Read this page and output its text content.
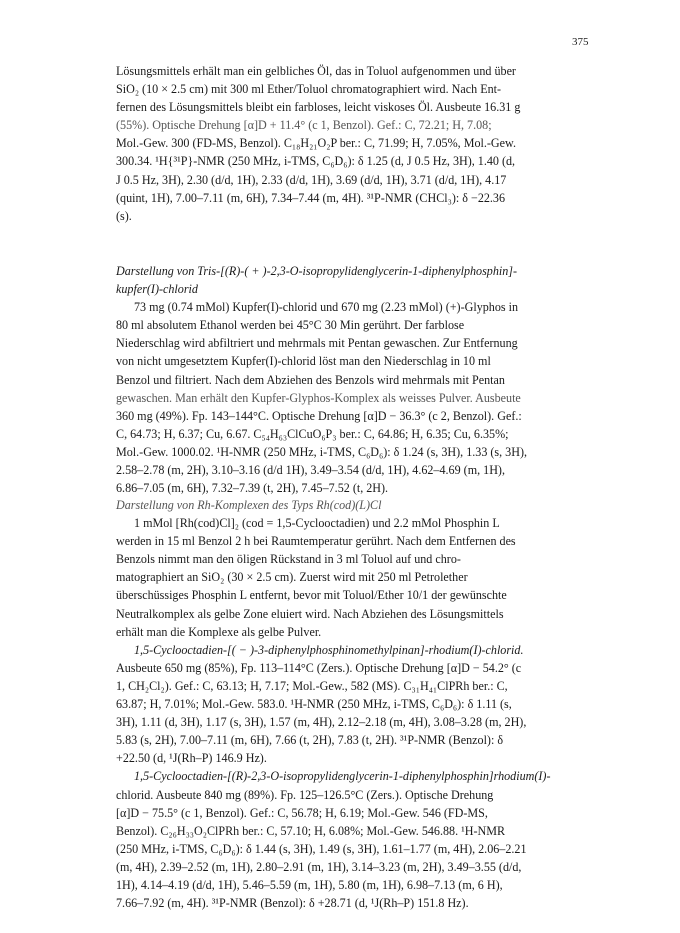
375
Lösungsmittels erhält man ein gelbliches Öl, das in Toluol aufgenommen und über
SiO₂ (10 × 2.5 cm) mit 300 ml Ether/Toluol chromatographiert wird. Nach Ent-
fernen des Lösungsmittels bleibt ein farbloses, leicht viskoses Öl. Ausbeute 16.31 g
(55%). Optische Drehung [α]D + 11.4° (c 1, Benzol). Gef.: C, 72.21; H, 7.08;
Mol.-Gew. 300 (FD-MS, Benzol). C₁₈H₂₁O₂P ber.: C, 71.99; H, 7.05%, Mol.-Gew.
300.34. ¹H{³¹P}-NMR (250 MHz, i-TMS, C₆D₆): δ 1.25 (d, J 0.5 Hz, 3H), 1.40 (d,
J 0.5 Hz, 3H), 2.30 (d/d, 1H), 2.33 (d/d, 1H), 3.69 (d/d, 1H), 3.71 (d/d, 1H), 4.17
(quint, 1H), 7.00–7.11 (m, 6H), 7.34–7.44 (m, 4H). ³¹P-NMR (CHCl₃): δ −22.36
(s).
Darstellung von Tris-[(R)-( + )-2,3-O-isopropylidenglycerin-1-diphenylphosphin]-
kupfer(I)-chlorid
73 mg (0.74 mMol) Kupfer(I)-chlorid und 670 mg (2.23 mMol) (+)-Glyphos in
80 ml absolutem Ethanol werden bei 45°C 30 Min gerührt. Der farblose
Niederschlag wird abfiltriert und mehrmals mit Pentan gewaschen. Zur Entfernung
von nicht umgesetztem Kupfer(I)-chlorid löst man den Niederschlag in 10 ml
Benzol und filtriert. Nach dem Abziehen des Benzols wird mehrmals mit Pentan
gewaschen. Man erhält den Kupfer-Glyphos-Komplex als weisses Pulver. Ausbeute
360 mg (49%). Fp. 143–144°C. Optische Drehung [α]D − 36.3° (c 2, Benzol). Gef.:
C, 64.73; H, 6.37; Cu, 6.67. C₅₄H₆₃ClCuO₆P₃ ber.: C, 64.86; H, 6.35; Cu, 6.35%;
Mol.-Gew. 1000.02. ¹H-NMR (250 MHz, i-TMS, C₆D₆): δ 1.24 (s, 3H), 1.33 (s, 3H),
2.58–2.78 (m, 2H), 3.10–3.16 (d/d 1H), 3.49–3.54 (d/d, 1H), 4.62–4.69 (m, 1H),
6.86–7.05 (m, 6H), 7.32–7.39 (t, 2H), 7.45–7.52 (t, 2H).
Darstellung von Rh-Komplexen des Typs Rh(cod)(L)Cl
1 mMol [Rh(cod)Cl]₂ (cod = 1,5-Cyclooctadien) und 2.2 mMol Phosphin L
werden in 15 ml Benzol 2 h bei Raumtemperatur gerührt. Nach dem Entfernen des
Benzols nimmt man den öligen Rückstand in 3 ml Toluol auf und chro-
matographiert an SiO₂ (30 × 2.5 cm). Zuerst wird mit 250 ml Petrolether
überschüssiges Phosphin L entfernt, bevor mit Toluol/Ether 10/1 der gewünschte
Neutralkomplex als gelbe Zone eluiert wird. Nach Abziehen des Lösungsmittels
erhält man die Komplexe als gelbe Pulver.
1,5-Cyclooctadien-[( − )-3-diphenylphosphinomethylpinan]-rhodium(I)-chlorid.
Ausbeute 650 mg (85%), Fp. 113–114°C (Zers.). Optische Drehung [α]D − 54.2° (c
1, CH₂Cl₂). Gef.: C, 63.13; H, 7.17; Mol.-Gew., 582 (MS). C₃₁H₄₁ClPRh ber.: C,
63.87; H, 7.01%; Mol.-Gew. 583.0. ¹H-NMR (250 MHz, i-TMS, C₆D₆): δ 1.11 (s,
3H), 1.11 (d, 3H), 1.17 (s, 3H), 1.57 (m, 4H), 2.12–2.18 (m, 4H), 3.08–3.28 (m, 2H),
5.83 (s, 2H), 7.00–7.11 (m, 6H), 7.66 (t, 2H), 7.83 (t, 2H). ³¹P-NMR (Benzol): δ
+22.50 (d, ¹J(Rh–P) 146.9 Hz).
1,5-Cyclooctadien-[(R)-2,3-O-isopropylidenglycerin-1-diphenylphosphin]rhodium(I)-
chlorid. Ausbeute 840 mg (89%). Fp. 125–126.5°C (Zers.). Optische Drehung
[α]D − 75.5° (c 1, Benzol). Gef.: C, 56.78; H, 6.19; Mol.-Gew. 546 (FD-MS,
Benzol). C₂₆H₃₃O₂ClPRh ber.: C, 57.10; H, 6.08%; Mol.-Gew. 546.88. ¹H-NMR
(250 MHz, i-TMS, C₆D₆): δ 1.44 (s, 3H), 1.49 (s, 3H), 1.61–1.77 (m, 4H), 2.06–2.21
(m, 4H), 2.39–2.52 (m, 1H), 2.80–2.91 (m, 1H), 3.14–3.23 (m, 2H), 3.49–3.55 (d/d,
1H), 4.14–4.19 (d/d, 1H), 5.46–5.59 (m, 1H), 5.80 (m, 1H), 6.98–7.13 (m, 6 H),
7.66–7.92 (m, 4H). ³¹P-NMR (Benzol): δ +28.71 (d, ¹J(Rh–P) 151.8 Hz).
